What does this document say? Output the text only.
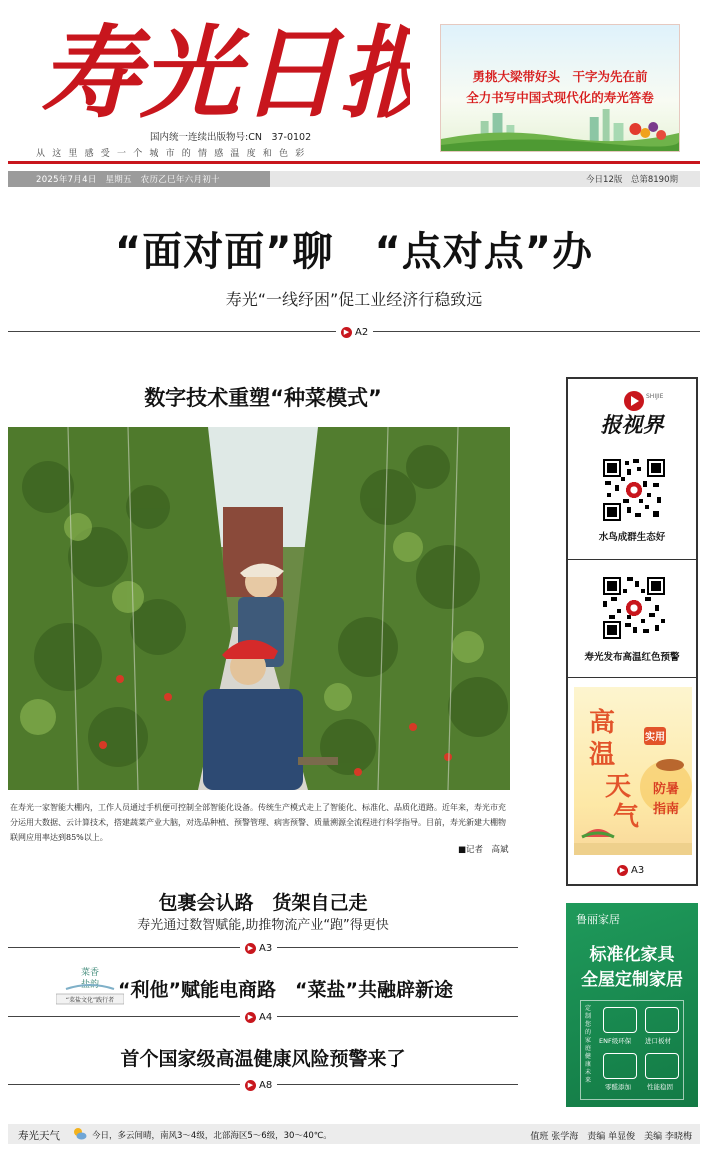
寿光日报
国内统一连续出版物号:CN　37-0102
从这里感受一个城市的情感温度和色彩
勇挑大梁带好头　干字为先在前
全力书写中国式现代化的寿光答卷
2025年7月4日　星期五　农历乙巳年六月初十	今日12版　总第8190期
“面对面”聊　“点对点”办
寿光“一线纾困”促工业经济行稳致远
▶ A2
数字技术重塑“种菜模式”
在寿光一家智能大棚内，工作人员通过手机便可控制全部智能化设备。传统生产模式走上了智能化、标准化、品质化道路。近年来，寿光市充分运用大数据、云计算技术，搭建蔬菜产业大脑，对选品种植、预警管理、病害预警、质量溯源全流程进行科学指导。目前，寿光新建大棚物联网应用率达到85%以上。
■记者　高斌
包裹会认路　货架自己走
寿光通过数智赋能,助推物流产业“跑”得更快
▶ A3
菜香
盐韵
“菜盐文化”践行者 “利他”赋能电商路　“菜盐”共融辟新途
▶ A4
首个国家级高温健康风险预警来了
▶ A8
报视界
SHIJIE
水鸟成群生态好
寿光发布高温红色预警
高
温
天
气
实用
防暑
指南
▶ A3
鲁丽家居
标准化家具
全屋定制家居
定制您的家庭健康未来
ENF级环保 进口板材
零醛添加 性能稳固
寿光天气	今日，多云间晴，南风3～4级，北部海区5～6级，30～40℃。	值班 张学海　责编 单显俊　美编 李晓梅
